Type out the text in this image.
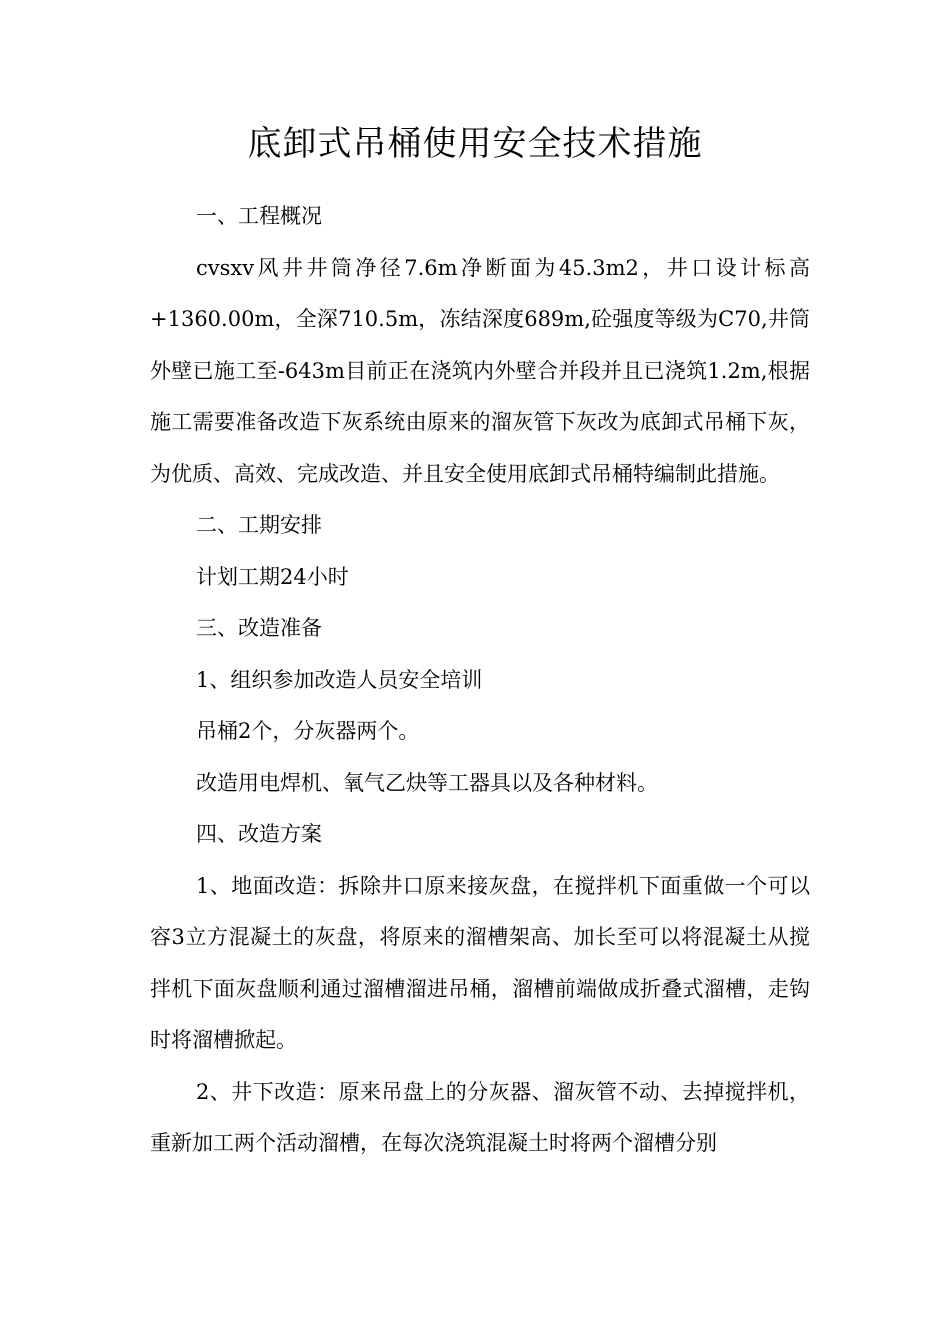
底卸式吊桶使用安全技术措施

一、工程概况

cvsxv风井井筒净径7.6m净断面为45.3m2，井口设计标高+1360.00m，全深710.5m，冻结深度689m,砼强度等级为C70,井筒外壁已施工至-643m目前正在浇筑内外壁合并段并且已浇筑1.2m,根据施工需要准备改造下灰系统由原来的溜灰管下灰改为底卸式吊桶下灰，为优质、高效、完成改造、并且安全使用底卸式吊桶特编制此措施。

二、工期安排

计划工期24小时

三、改造准备

1、组织参加改造人员安全培训

吊桶2个，分灰器两个。

改造用电焊机、氧气乙炔等工器具以及各种材料。

四、改造方案

1、地面改造：拆除井口原来接灰盘，在搅拌机下面重做一个可以容3立方混凝土的灰盘，将原来的溜槽架高、加长至可以将混凝土从搅拌机下面灰盘顺利通过溜槽溜进吊桶，溜槽前端做成折叠式溜槽，走钩时将溜槽掀起。

2、井下改造：原来吊盘上的分灰器、溜灰管不动、去掉搅拌机，重新加工两个活动溜槽，在每次浇筑混凝土时将两个溜槽分别
